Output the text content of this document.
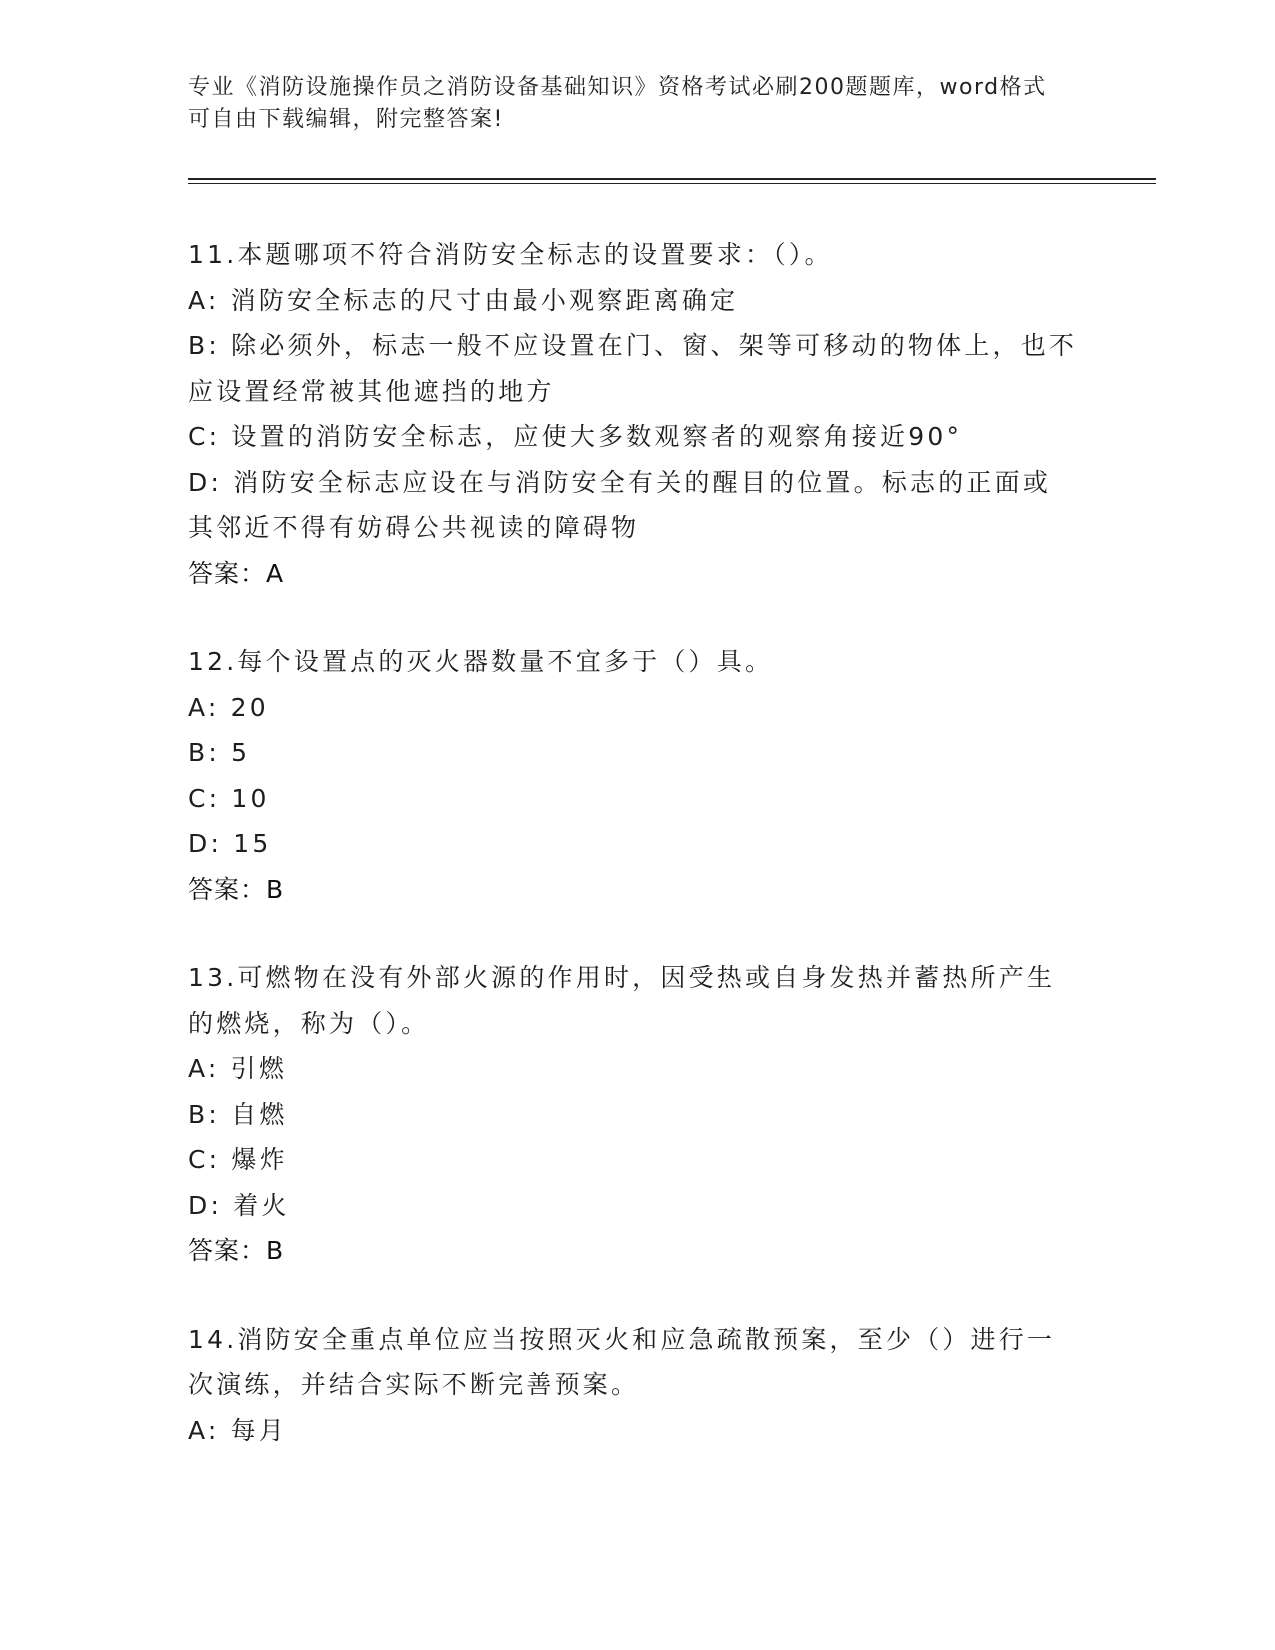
专业《消防设施操作员之消防设备基础知识》资格考试必刷200题题库，word格式可自由下载编辑，附完整答案!
11.本题哪项不符合消防安全标志的设置要求：（）。
A: 消防安全标志的尺寸由最小观察距离确定
B: 除必须外，标志一般不应设置在门、窗、架等可移动的物体上，也不应设置经常被其他遮挡的地方
C: 设置的消防安全标志，应使大多数观察者的观察角接近90°
D: 消防安全标志应设在与消防安全有关的醒目的位置。标志的正面或其邻近不得有妨碍公共视读的障碍物
答案：A
12.每个设置点的灭火器数量不宜多于（）具。
A: 20
B: 5
C: 10
D: 15
答案：B
13.可燃物在没有外部火源的作用时，因受热或自身发热并蓄热所产生的燃烧，称为（）。
A: 引燃
B: 自燃
C: 爆炸
D: 着火
答案：B
14.消防安全重点单位应当按照灭火和应急疏散预案，至少（）进行一次演练，并结合实际不断完善预案。
A: 每月
